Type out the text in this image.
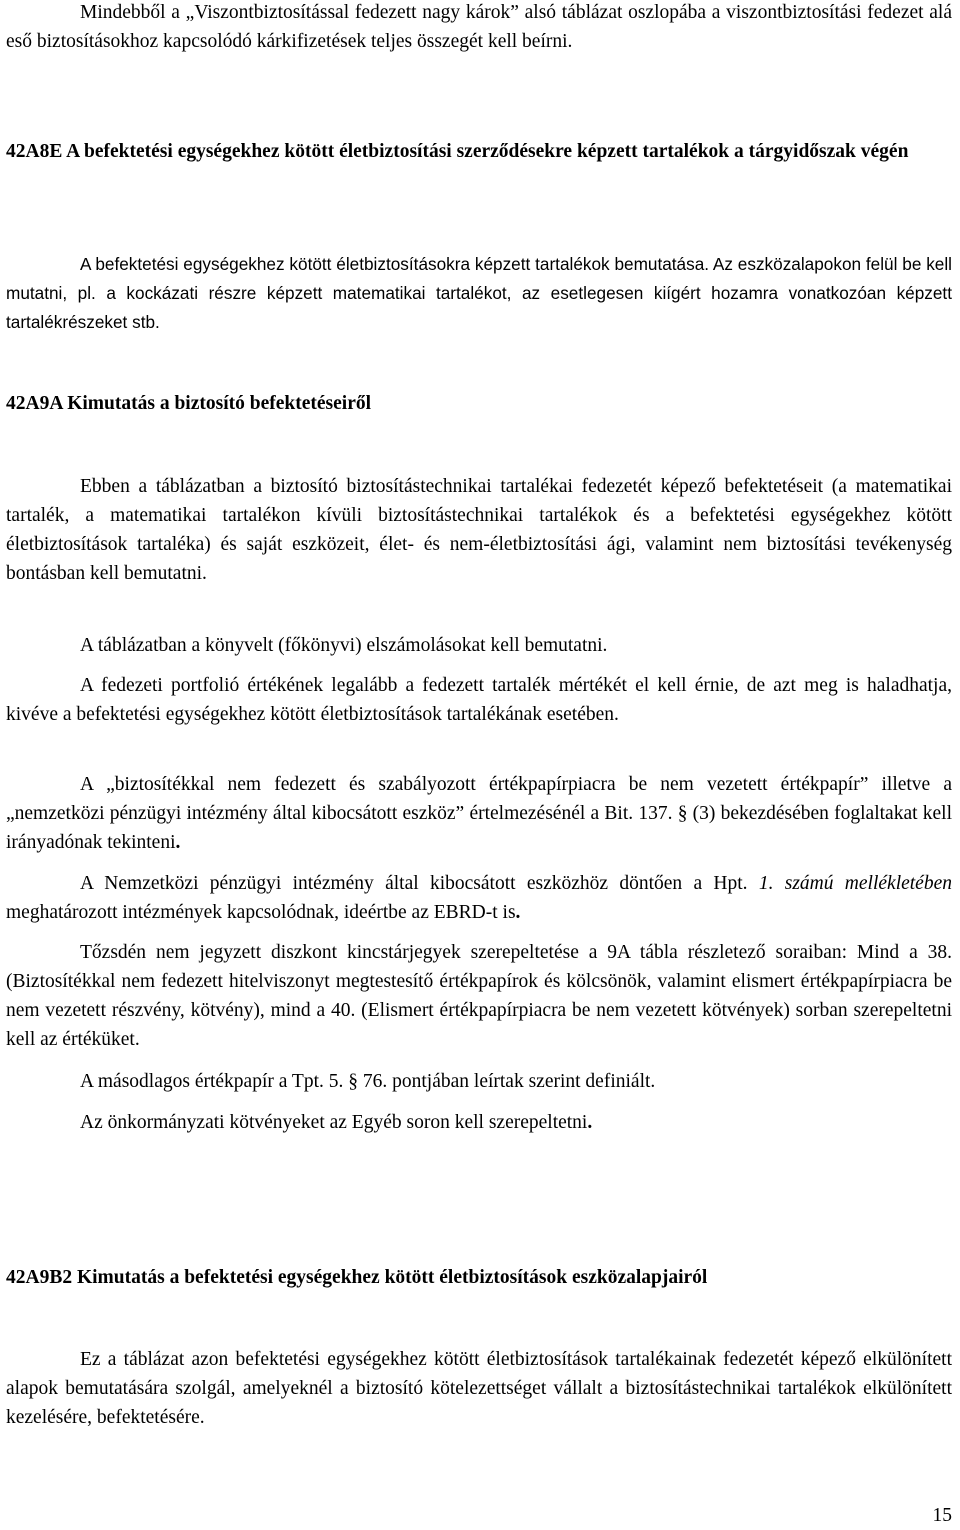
Mindebből a „Viszontbiztosítással fedezett nagy károk” alsó táblázat oszlopába a viszontbiztosítási fedezet alá eső biztosításokhoz kapcsolódó kárkifizetések teljes összegét kell beírni.

42A8E A befektetési egységekhez kötött életbiztosítási szerződésekre képzett tartalékok a tárgyidőszak végén

A befektetési egységekhez kötött életbiztosításokra képzett tartalékok bemutatása. Az eszközalapokon felül be kell mutatni, pl. a kockázati részre képzett matematikai tartalékot, az esetlegesen kiígért hozamra vonatkozóan képzett tartalékrészeket stb.

42A9A Kimutatás a biztosító befektetéseiről

Ebben a táblázatban a biztosító biztosítástechnikai tartalékai fedezetét képező befektetéseit (a matematikai tartalék, a matematikai tartalékon kívüli biztosítástechnikai tartalékok és a befektetési egységekhez kötött életbiztosítások tartaléka) és saját eszközeit, élet- és nem-életbiztosítási ági, valamint nem biztosítási tevékenység bontásban kell bemutatni.

A táblázatban a könyvelt (főkönyvi) elszámolásokat kell bemutatni.

A fedezeti portfolió értékének legalább a fedezett tartalék mértékét el kell érnie, de azt meg is haladhatja, kivéve a befektetési egységekhez kötött életbiztosítások tartalékának esetében.

A „biztosítékkal nem fedezett és szabályozott értékpapírpiacra be nem vezetett értékpapír” illetve a „nemzetközi pénzügyi intézmény által kibocsátott eszköz” értelmezésénél a Bit. 137. § (3) bekezdésében foglaltakat kell irányadónak tekinteni.

A Nemzetközi pénzügyi intézmény által kibocsátott eszközhöz döntően a Hpt. 1. számú mellékletében meghatározott intézmények kapcsolódnak, ideértbe az EBRD-t is.

Tőzsdén nem jegyzett diszkont kincstárjegyek szerepeltetése a 9A tábla részletező soraiban: Mind a 38. (Biztosítékkal nem fedezett hitelviszonyt megtestesítő értékpapírok és kölcsönök, valamint elismert értékpapírpiacra be nem vezetett részvény, kötvény), mind a 40. (Elismert értékpapírpiacra be nem vezetett kötvények) sorban szerepeltetni kell az értéküket.

A másodlagos értékpapír a Tpt. 5. § 76. pontjában leírtak szerint definiált.

Az önkormányzati kötvényeket az Egyéb soron kell szerepeltetni.

42A9B2 Kimutatás a befektetési egységekhez kötött életbiztosítások eszközalapjairól

Ez a táblázat azon befektetési egységekhez kötött életbiztosítások tartalékainak fedezetét képező elkülönített alapok bemutatására szolgál, amelyeknél a biztosító kötelezettséget vállalt a biztosítástechnikai tartalékok elkülönített kezelésére, befektetésére.

15
